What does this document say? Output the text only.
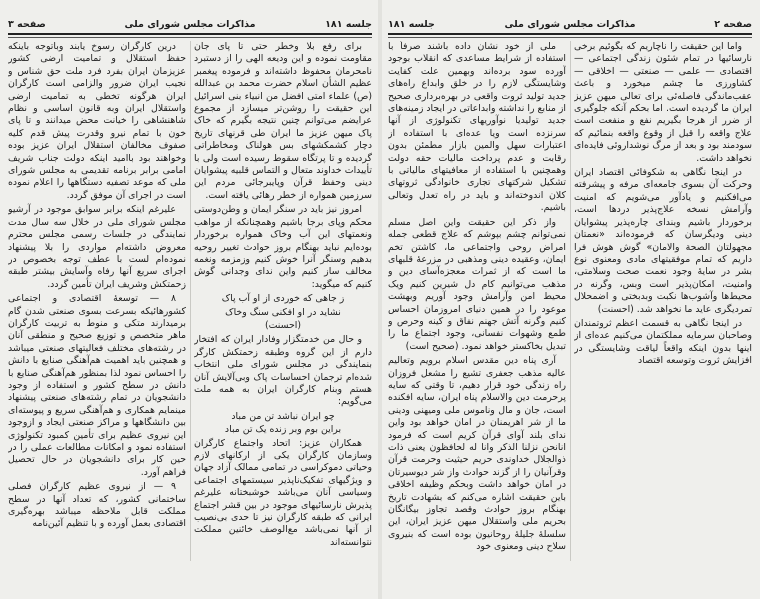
جلسه ۱۸۱
مذاکرات مجلس شورای ملی
صفحه ۳

برای رفع بلا وخطر حتی تا پای جان مقاومت نموده و این ودیعه الهی را از دستبرد نامحرمان محفوظ داشته‌اند و فرموده پیغمبر عظیم الشأن اسلام حضرت محمد بن عبدالله (ص) علماء امتی افضل من انبیاء بنی اسرائیل این حقیقت را روشن‌تر میسازد از مجموع عرایضم می‌توانم چنین نتیجه بگیرم که خاک پاک میهن عزیز ما ایران طی قرنهای تاریخ دچار کشمکشهای بس هولناک ومخاطراتی گردیده و تا پرتگاه سقوط رسیده است ولی با تأییدات خداوند متعال و التماس قلبیه پیشوایان دینی وحفظ قرآن وپایبرجائی مردم این سرزمین همواره از خطر رهائی یافته است.

امروز نیز باید در سنگر ایمان و وطن‌دوستی محکم وپای برجا باشیم وهمچنانکه از مواهب ونعمتهای این آب وخاک همواره برخوردار بوده‌ایم نباید بهنگام بروز حوادث تغییر روحیه بدهیم وسنگر آنرا خوش کنیم وزمزمه ونغمه مخالف ساز کنیم واین ندای وجدانی گوش کنیم که میگوید:

ز جاهی که خوردی از او آب پاک

نشاید در او افکنی سنگ وخاک

(احسنت)

و حال من خدمتگزار وفادار ایران که افتخار دارم از این گروه وطبقه زحمتکش کارگر بنمایندگی در مجلس شورای ملی انتخاب شده‌ام ترجمان احساسات پاک وبی‌آلایش آنان هستم وبنام کارگران ایران به همه ملت می‌گویم:

چو ایران نباشد تن من مباد

براین بوم وبر زنده یک تن مباد

همکاران عزیز: اتحاد واجتماع کارگران وسازمان کارگران یکی از ارکانهای لازم وحیاتی دموکراسی در تمامی ممالک آزاد جهان و ویژگیهای تفکیک‌ناپذیر سیستمهای اجتماعی وسیاسی آنان می‌باشد خوشبختانه علیرغم پذیرش نارسائیهای موجود در بین قشر اجتماع ایرانی که طبقه کارگران نیز تا حدی بی‌نصیب از آنها نمی‌باشد مع‌الوصف خائنین مملکت نتوانسته‌اند

درین کارگران رسوخ یابند وباتوجه باینکه حفظ استقلال و تمامیت ارضی کشور عزیزمان ایران بفرد فرد ملت حق شناس و نجیب ایران ضرور والزامی است کارگران ایران هرگونه تخطی به تمامیت ارضی واستقلال ایران وبه قانون اساسی و نظام شاهنشاهی را خیانت محض میدانند و تا پای خون با تمام نیرو وقدرت پیش قدم کلیه صفوف مخالفان استقلال ایران عزیز بوده وخواهند بود باامید اینکه دولت جناب شریف امامی برابر برنامه تقدیمی به مجلس شورای ملی که موعد تصفیه دستگاهها را اعلام نموده است در اجرای آن موفق گردد.

علیرغم اینکه برابر سوابق موجود در آرشیو مجلس شورای ملی در خلال سه سال مدت نمایندگی در جلسات رسمی مجلس محترم معروض داشته‌ام مواردی را بلا پیشنهاد نموده‌ام لست با عطف توجه بخصوص در اجرای سریع آنها رفاه وآسایش بیشتر طبقه زحمتکش وشریف ایران تأمین گردد.

۸ — توسعهٔ اقتصادی و اجتماعی کشورهائیکه بسرعت بسوی صنعتی شدن گام برمیدارند متکی و منوط به تربیت کارگران ماهر متخصص و توزیع صحیح و منطقی آنان در رشته‌های مختلف فعالیتهای صنعتی میباشد و همچنین باید اهمیت هم‌آهنگی صنایع با دانش را احساس نمود لذا بمنظور هم‌آهنگی صنایع با دانش در سطح کشور و استفاده از وجود دانشجویان در تمام رشته‌های صنعتی پیشنهاد مینمایم همکاری و هم‌آهنگی سریع و پیوسته‌ای بین دانشگاهها و مراکز صنعتی ایجاد و ازوجود این نیروی عظیم برای تأمین کمبود تکنولوژی استفاده نمود و امکانات مطالعات عملی را در حین کار برای دانشجویان در حال تحصیل فراهم آورد.

۹ — از نیروی عظیم کارگران فصلی ساختمانی کشور، که تعداد آنها در سطح مملکت قابل ملاحظه میباشد بهره‌گیری اقتصادی بعمل آورده و با تنظیم آئین‌نامه

صفحه ۲
مذاکرات مجلس شورای ملی
جلسه ۱۸۱

واما این حقیقت را ناچاریم که بگوئیم برخی نارسائیها در تمام شئون زندگی اجتماعی — اقتصادی — علمی — صنعتی — اخلاقی — کشاورزی ما چشم میخورد و باعث عقب‌ماندگی فاصله‌ئی برای تعالی میهن عزیز ایران ما گردیده است. اما بحکم آنکه جلوگیری از ضرر از هرجا بگیریم نفع و منفعت است علاج واقعه را قبل از وقوع واقعه بنمائیم که سودمند بود و بعد از مرگ نوشداروئی فایده‌ای نخواهد داشت.

در اینجا نگاهی به شکوفائی اقتصاد ایران وحرکت آن بسوی جامعه‌ای مرفه و پیشرفته می‌افکنیم و یادآور می‌شویم که امنیت وآرامش نسخه علاج‌پذیر دردها است، برخوردار باشیم وبندای چاره‌پذیر پیشوایان دینی ودیگرسان که فرموده‌اند «نعمتان مجهولتان الصحة والامان» گوش هوش فرا داریم که تمام موفقیتهای مادی ومعنوی نوع بشر در سایهٔ وجود نعمت صحت وسلامتی، وامنیت، امکان‌پذیر است وبس، وگرنه در محیط‌ها وآشوب‌ها نکبت وبدبختی و اضمحلال تمردیگری عاید ما نخواهد شد. (احسنت)

در اینجا نگاهی به قسمت اعظم ثروتمندان وصاحبان سرمایه مملکتمان می‌کنیم عده‌ای از اینها بدون اینکه واقعاً لیاقت وشایستگی در افزایش ثروت وتوسعه اقتصاد

ملی از خود نشان داده باشند صرفاً با استفاده از شرایط مساعدی که انقلاب بوجود آورده سود برده‌اند وبهمین علت کفایت وشایستگی لازم را در خلق وابداع راه‌های جدید تولید ثروت واقعی در بهره‌برداری صحیح از منابع را نداشته وابداعاتی در ایجاد زمینه‌های جدید تولیدیا نوآوریهای تکنولوژی از آنها سرنزده است ویا عده‌ای با استفاده از اعتبارات سهل والمین بازار مطمئن بدون رقابت و عدم پرداخت مالیات حقه دولت وهمچنین با استفاده از معافیتهای مالیاتی با تشکیل شرکتهای تجاری خانوادگی ثروتهای کلان اندوخته‌اند و باید در راه تعدل وتعالی باشیم.

واز ذکر این حقیقت واین اصل مسلم نمی‌توانم چشم بپوشم که علاج قطعی جمله امراض روحی واجتماعی ما، کاشتن تخم ایمان، وعقیده دینی ومذهبی در مزرعهٔ قلبهای ما است که از ثمرات معجزه‌آسای دین و مذهب می‌توانیم کام دل شیرین کنیم ویک محیط امن وآرامش وجود آوریم وبهشت موعود را در همین دنیای امروزمان احساس کنیم وگرنه آتش جهنم نفاق و کینه وحرص و طمع وشهوات نفسانی، وجود اجتماع ما را تبدیل بخاکستر خواهد نمود. (صحیح است)

آری پناه دین مقدس اسلام برویم وتعالیم عالیه مذهب جعفری تشیع را مشعل فروزان راه زندگی خود قرار دهیم، تا وقتی که سایه پرحرمت دین والاسلام پناه ایران، سایه افکنده است، جان و مال وناموس ملی ومیهنی ودینی ما از شر اهریمنان در امان خواهد بود واین ندای بلند آوای قرآن کریم است که فرمود انانحن نزلنا الذکر وانا له لحافظون یعنی ذات ذوالجلال خداوندی حریم حیثیت وحرمت قرآن وقرآنیان را از گزند حوادث واز شر دیوسیرتان در امان خواهد داشت وبحکم وظیفه اخلاقی باین حقیقت اشاره می‌کنم که بشهادت تاریخ بهنگام بروز حوادث وقصد تجاوز بیگانگان بحریم ملی واستقلال میهن عزیز ایران، این سلسلهٔ جلیلهٔ روحانیون بوده است که بنیروی سلاح دینی ومعنوی خود
